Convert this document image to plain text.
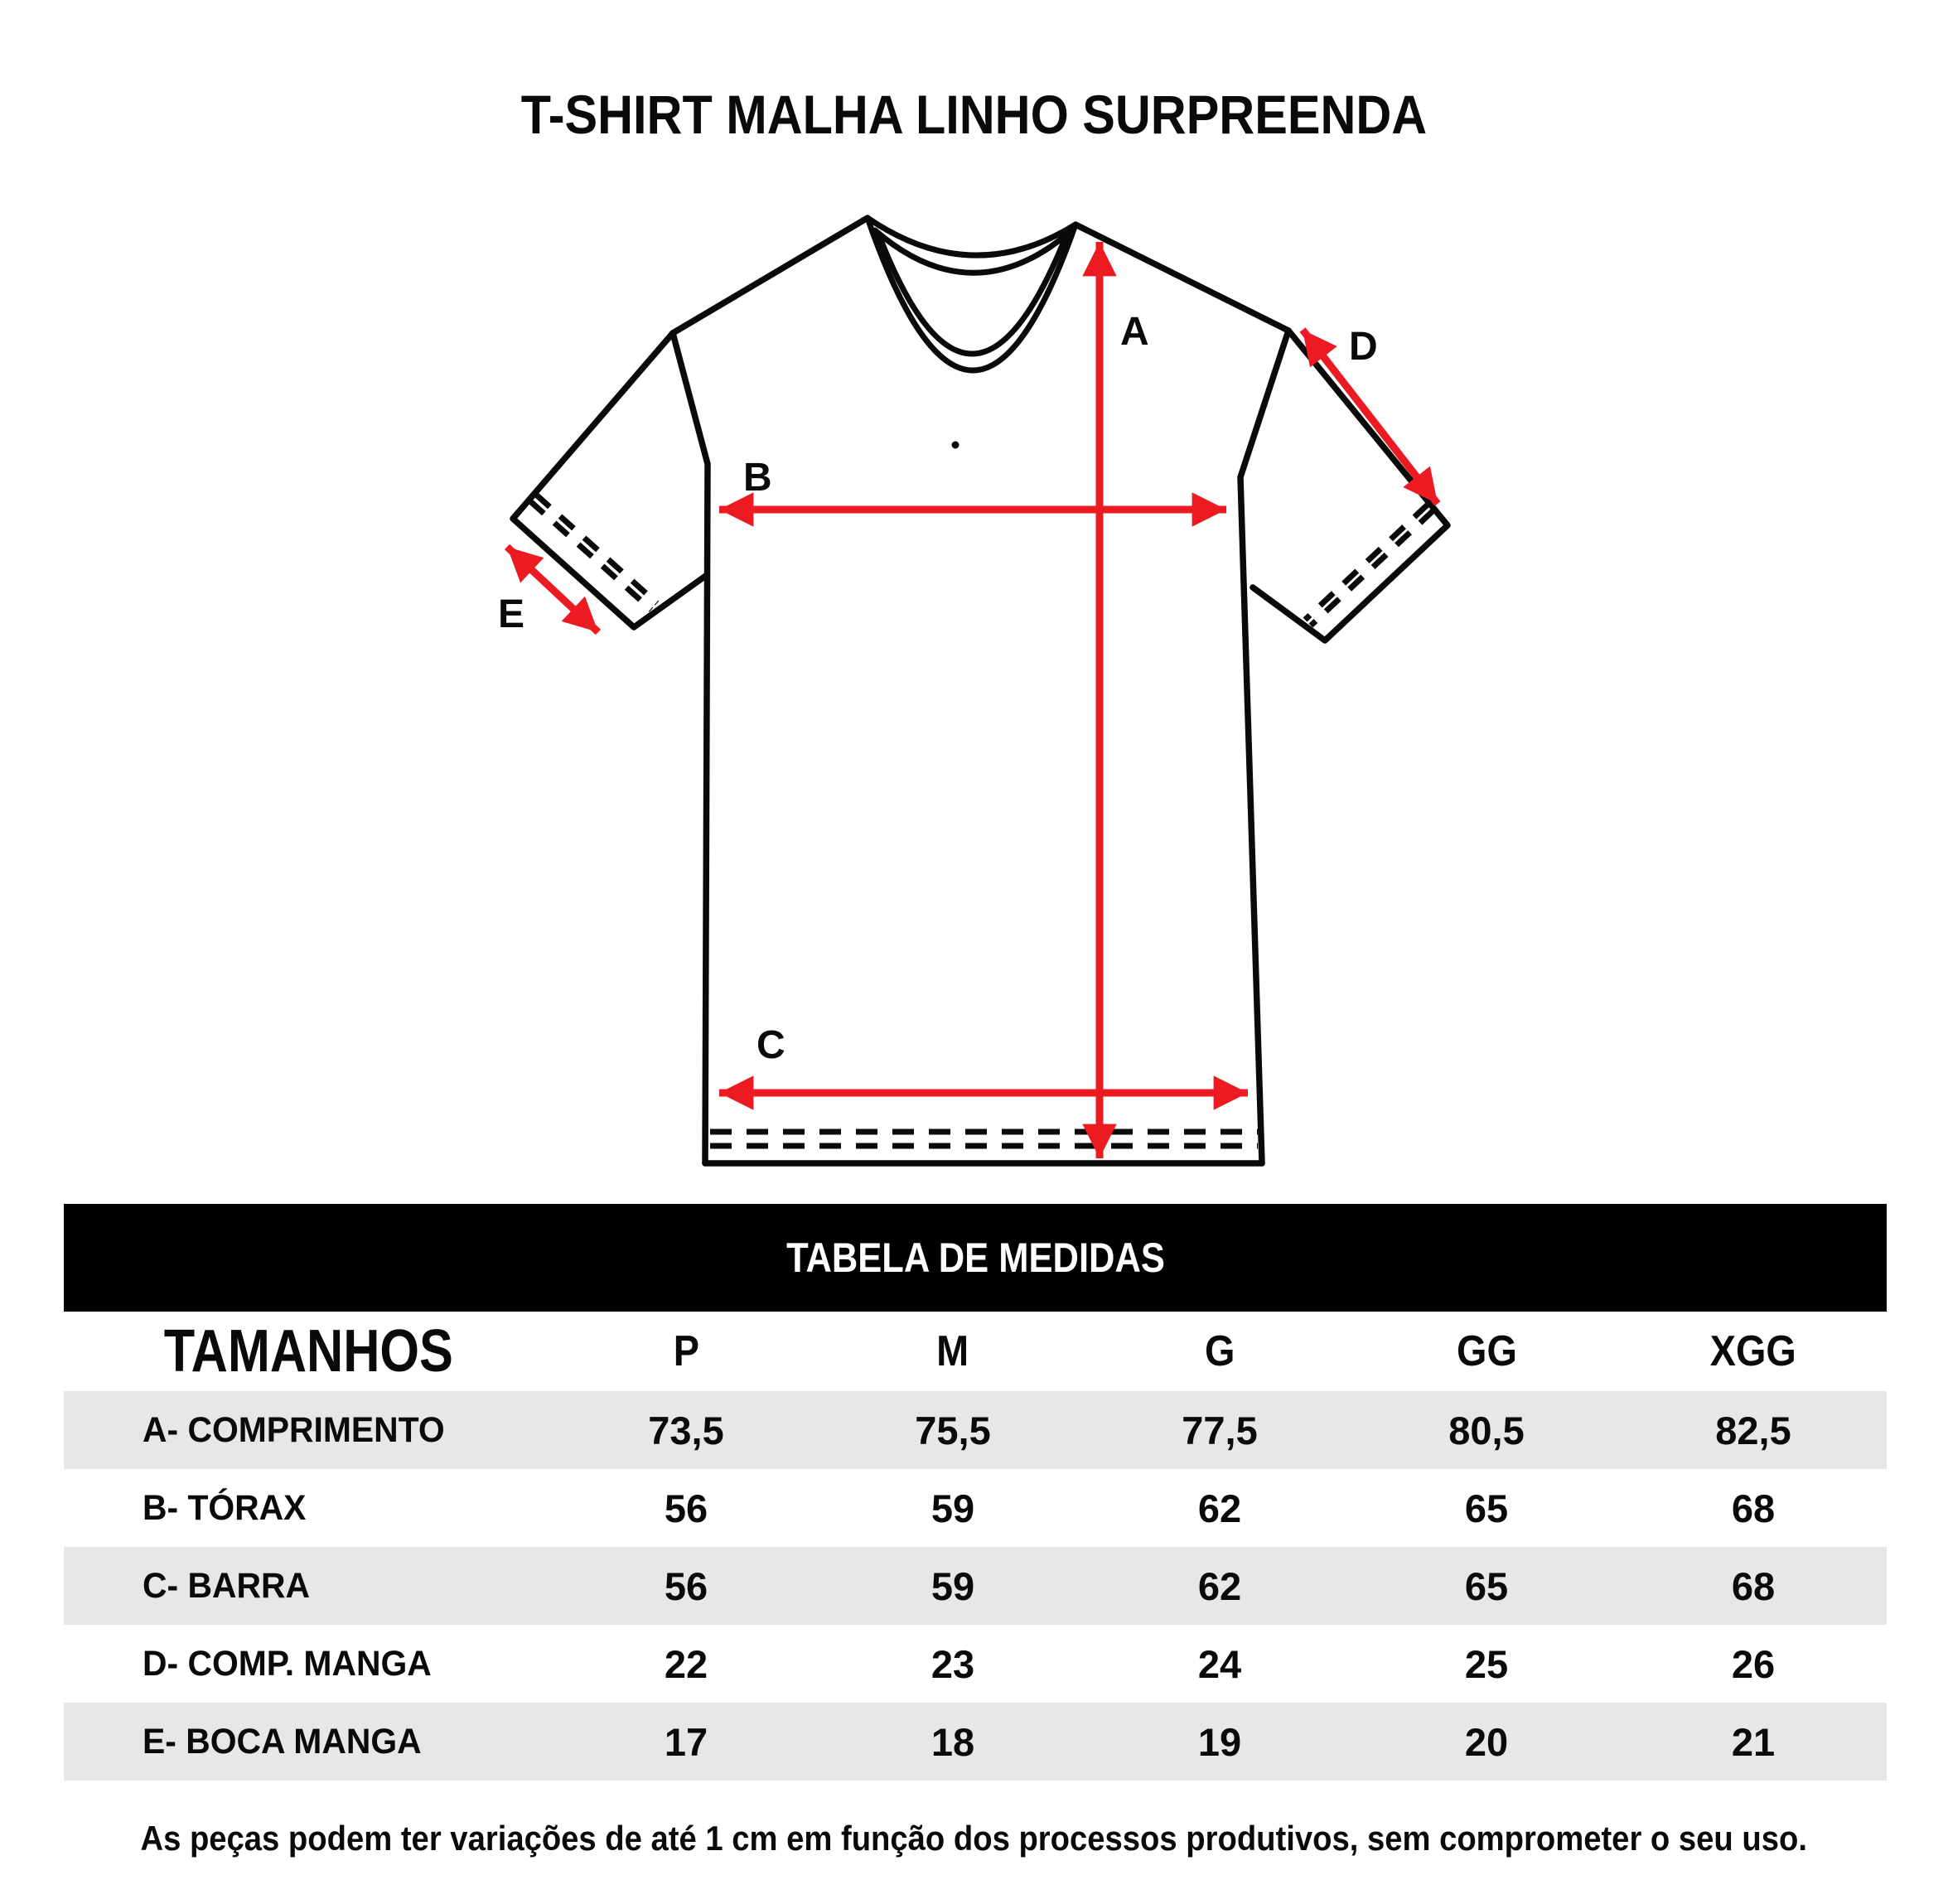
T-SHIRT MALHA LINHO SURPREENDA
A
B
C
D
E
TABELA DE MEDIDAS
TAMANHOS	P	M	G	GG	XGG
A- COMPRIMENTO	73,5	75,5	77,5	80,5	82,5
B- TÓRAX	56	59	62	65	68
C- BARRA	56	59	62	65	68
D- COMP. MANGA	22	23	24	25	26
E- BOCA MANGA	17	18	19	20	21
As peças podem ter variações de até 1 cm em função dos processos produtivos, sem comprometer o seu uso.
